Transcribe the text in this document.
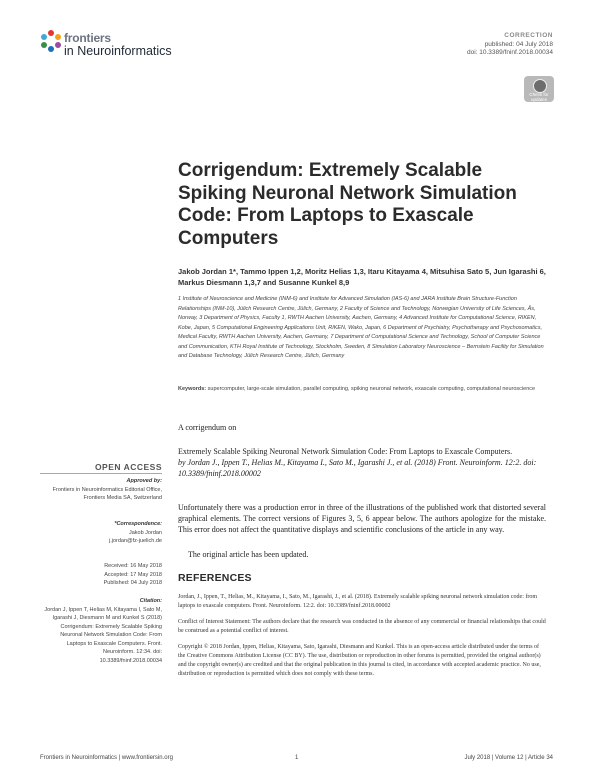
frontiers
in Neuroinformatics
CORRECTION
published: 04 July 2018
doi: 10.3389/fninf.2018.00034
Check for updates
Corrigendum: Extremely Scalable Spiking Neuronal Network Simulation Code: From Laptops to Exascale Computers
Jakob Jordan 1*, Tammo Ippen 1,2, Moritz Helias 1,3, Itaru Kitayama 4, Mitsuhisa Sato 5, Jun Igarashi 6, Markus Diesmann 1,3,7 and Susanne Kunkel 8,9
1 Institute of Neuroscience and Medicine (INM-6) and Institute for Advanced Simulation (IAS-6) and JARA Institute Brain Structure-Function Relationships (INM-10), Jülich Research Centre, Jülich, Germany, 2 Faculty of Science and Technology, Norwegian University of Life Sciences, Ås, Norway, 3 Department of Physics, Faculty 1, RWTH Aachen University, Aachen, Germany, 4 Advanced Institute for Computational Science, RIKEN, Kobe, Japan, 5 Computational Engineering Applications Unit, RIKEN, Wako, Japan, 6 Department of Psychiatry, Psychotherapy and Psychosomatics, Medical Faculty, RWTH Aachen University, Aachen, Germany, 7 Department of Computational Science and Technology, School of Computer Science and Communication, KTH Royal Institute of Technology, Stockholm, Sweden, 8 Simulation Laboratory Neuroscience – Bernstein Facility for Simulation and Database Technology, Jülich Research Centre, Jülich, Germany
Keywords: supercomputer, large-scale simulation, parallel computing, spiking neuronal network, exascale computing, computational neuroscience
A corrigendum on
Extremely Scalable Spiking Neuronal Network Simulation Code: From Laptops to Exascale Computers.
by Jordan J., Ippen T., Helias M., Kitayama I., Sato M., Igarashi J., et al. (2018) Front. Neuroinform. 12:2. doi: 10.3389/fninf.2018.00002
Unfortunately there was a production error in three of the illustrations of the published work that distorted several graphical elements. The correct versions of Figures 3, 5, 6 appear below. The authors apologize for the mistake. This error does not affect the quantitative displays and scientific conclusions of the article in any way.
The original article has been updated.
REFERENCES
Jordan, J., Ippen, T., Helias, M., Kitayama, I., Sato, M., Igarashi, J., et al. (2018). Extremely scalable spiking neuronal network simulation code: from laptops to exascale computers. Front. Neuroinform. 12:2. doi: 10.3389/fninf.2018.00002
Conflict of Interest Statement: The authors declare that the research was conducted in the absence of any commercial or financial relationships that could be construed as a potential conflict of interest.
Copyright © 2018 Jordan, Ippen, Helias, Kitayama, Sato, Igarashi, Diesmann and Kunkel. This is an open-access article distributed under the terms of the Creative Commons Attribution License (CC BY). The use, distribution or reproduction in other forums is permitted, provided the original author(s) and the copyright owner(s) are credited and that the original publication in this journal is cited, in accordance with accepted academic practice. No use, distribution or reproduction is permitted which does not comply with these terms.
OPEN ACCESS
Approved by:
Frontiers in Neuroinformatics Editorial Office, Frontiers Media SA, Switzerland
*Correspondence:
Jakob Jordan
j.jordan@fz-juelich.de
Received: 16 May 2018
Accepted: 17 May 2018
Published: 04 July 2018
Citation:
Jordan J, Ippen T, Helias M, Kitayama I, Sato M, Igarashi J, Diesmann M and Kunkel S (2018) Corrigendum: Extremely Scalable Spiking Neuronal Network Simulation Code: From Laptops to Exascale Computers. Front. Neuroinform. 12:34. doi: 10.3389/fninf.2018.00034
Frontiers in Neuroinformatics | www.frontiersin.org	1	July 2018 | Volume 12 | Article 34
